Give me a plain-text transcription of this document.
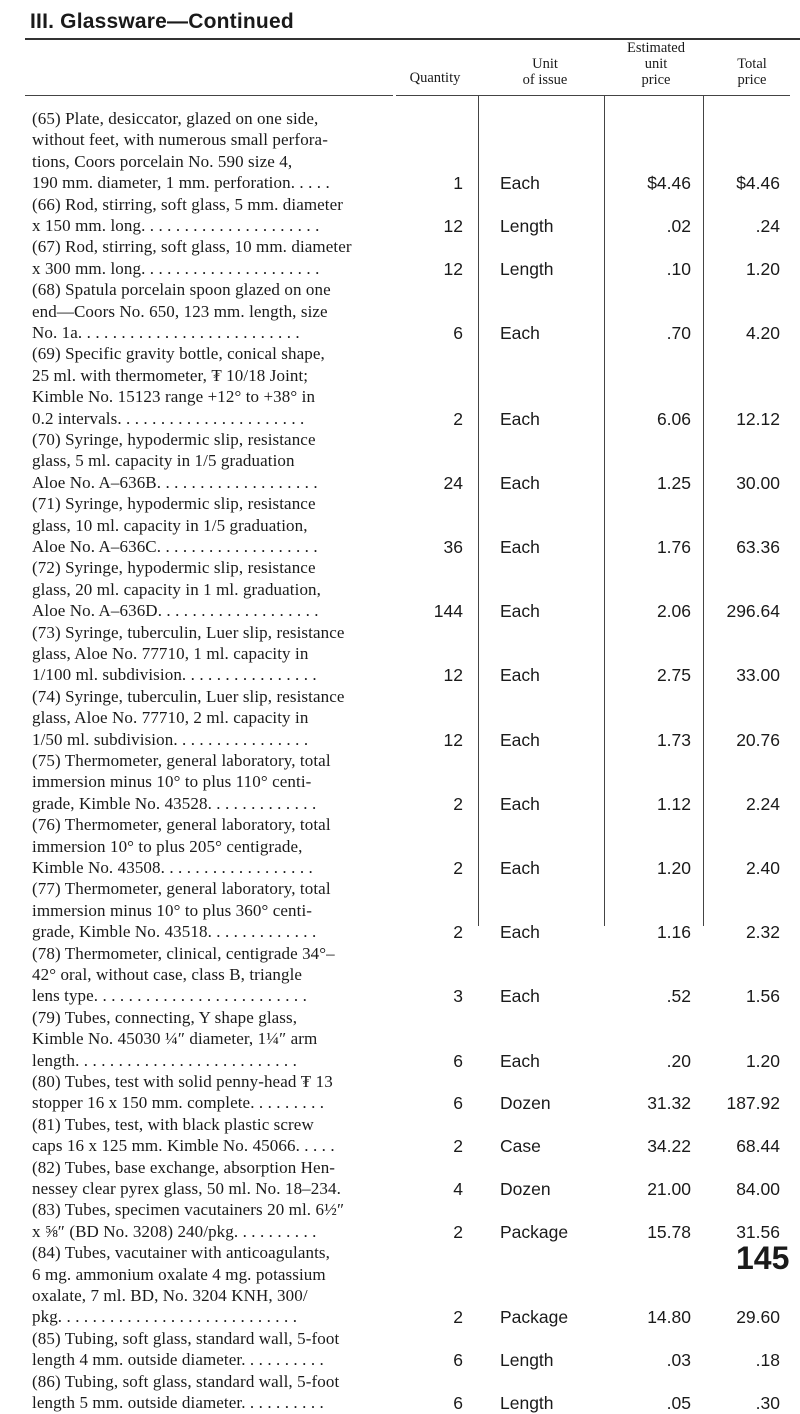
III. Glassware—Continued
Quantity
Unit
of issue
Estimated
unit
price
Total
price
(65) Plate, desiccator, glazed on one side,
without feet, with numerous small perfora-
tions, Coors porcelain No. 590 size 4,
190 mm. diameter, 1 mm. perforation. . . . .	1 Each	$4.46	$4.46
(66) Rod, stirring, soft glass, 5 mm. diameter
x 150 mm. long. . . . . . . . . . . . . . . . . . . . .	12 Length	.02	.24
(67) Rod, stirring, soft glass, 10 mm. diameter
x 300 mm. long. . . . . . . . . . . . . . . . . . . . .	12 Length	.10	1.20
(68) Spatula porcelain spoon glazed on one
end—Coors No. 650, 123 mm. length, size
No. 1a. . . . . . . . . . . . . . . . . . . . . . . . . .	6 Each	.70	4.20
(69) Specific gravity bottle, conical shape,
25 ml. with thermometer, ₮ 10/18 Joint;
Kimble No. 15123 range +12° to +38° in
0.2 intervals. . . . . . . . . . . . . . . . . . . . . .	2 Each	6.06	12.12
(70) Syringe, hypodermic slip, resistance
glass, 5 ml. capacity in 1/5 graduation
Aloe No. A–636B. . . . . . . . . . . . . . . . . . .	24 Each	1.25	30.00
(71) Syringe, hypodermic slip, resistance
glass, 10 ml. capacity in 1/5 graduation,
Aloe No. A–636C. . . . . . . . . . . . . . . . . . .	36 Each	1.76	63.36
(72) Syringe, hypodermic slip, resistance
glass, 20 ml. capacity in 1 ml. graduation,
Aloe No. A–636D. . . . . . . . . . . . . . . . . . .	144 Each	2.06	296.64
(73) Syringe, tuberculin, Luer slip, resistance
glass, Aloe No. 77710, 1 ml. capacity in
1/100 ml. subdivision. . . . . . . . . . . . . . . .	12 Each	2.75	33.00
(74) Syringe, tuberculin, Luer slip, resistance
glass, Aloe No. 77710, 2 ml. capacity in
1/50 ml. subdivision. . . . . . . . . . . . . . . .	12 Each	1.73	20.76
(75) Thermometer, general laboratory, total
immersion minus 10° to plus 110° centi-
grade, Kimble No. 43528. . . . . . . . . . . . .	2 Each	1.12	2.24
(76) Thermometer, general laboratory, total
immersion 10° to plus 205° centigrade,
Kimble No. 43508. . . . . . . . . . . . . . . . . .	2 Each	1.20	2.40
(77) Thermometer, general laboratory, total
immersion minus 10° to plus 360° centi-
grade, Kimble No. 43518. . . . . . . . . . . . .	2 Each	1.16	2.32
(78) Thermometer, clinical, centigrade 34°–
42° oral, without case, class B, triangle
lens type. . . . . . . . . . . . . . . . . . . . . . . . .	3 Each	.52	1.56
(79) Tubes, connecting, Y shape glass,
Kimble No. 45030 ¼″ diameter, 1¼″ arm
length. . . . . . . . . . . . . . . . . . . . . . . . . .	6 Each	.20	1.20
(80) Tubes, test with solid penny-head ₮ 13
stopper 16 x 150 mm. complete. . . . . . . . .	6 Dozen	31.32	187.92
(81) Tubes, test, with black plastic screw
caps 16 x 125 mm. Kimble No. 45066. . . . .	2 Case	34.22	68.44
(82) Tubes, base exchange, absorption Hen-
nessey clear pyrex glass, 50 ml. No. 18–234.	4 Dozen	21.00	84.00
(83) Tubes, specimen vacutainers 20 ml. 6½″
x ⅝″ (BD No. 3208) 240/pkg. . . . . . . . . .	2 Package	15.78	31.56
(84) Tubes, vacutainer with anticoagulants,
6 mg. ammonium oxalate 4 mg. potassium
oxalate, 7 ml. BD, No. 3204 KNH, 300/
pkg. . . . . . . . . . . . . . . . . . . . . . . . . . . .	2 Package	14.80	29.60
(85) Tubing, soft glass, standard wall, 5-foot
length 4 mm. outside diameter. . . . . . . . . .	6 Length	.03	.18
(86) Tubing, soft glass, standard wall, 5-foot
length 5 mm. outside diameter. . . . . . . . . .	6 Length	.05	.30
145
